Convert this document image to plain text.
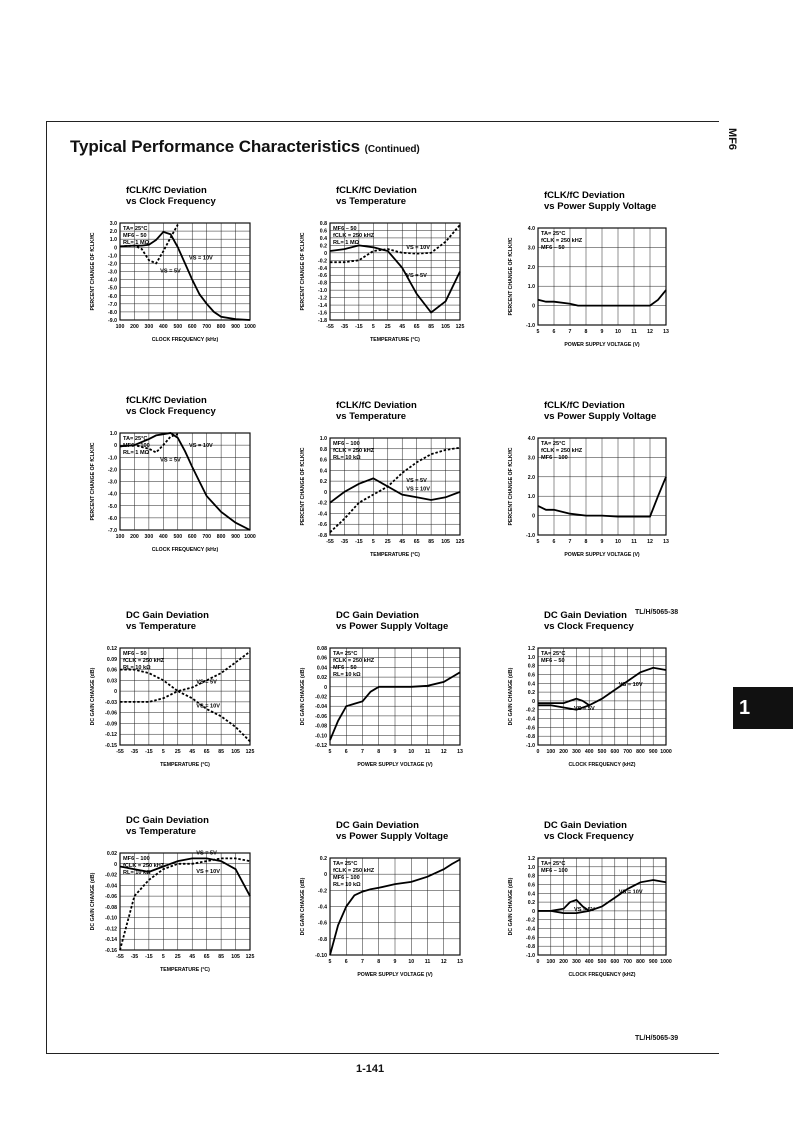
Typical Performance Characteristics (Continued)	MF6
1
TL/H/5065-38
TL/H/5065-39
1-141
fCLK/fC Deviation
vs Clock Frequency
100 200 300 400 500 600 700 800 900 1000
3.0
2.0
1.0
0
-1.0
-2.0
-3.0
-4.0
-5.0
-6.0
-7.0
-8.0
-9.0
CLOCK FREQUENCY (kHz)
PERCENT CHANGE OF fCLK/fC
TA= 25°C
MF6 – 50
RL= 1 MΩ
VS = 10V
VS = 5V
fCLK/fC Deviation
vs Temperature
-55 -35 -15 5 25 45 65 85 105 125
0.8
0.6
0.4
0.2
0
-0.2
-0.4
-0.6
-0.8
-1.0
-1.2
-1.4
-1.6
-1.8
TEMPERATURE (°C)
PERCENT CHANGE OF fCLK/fC
MF6 – 50
fCLK = 250 kHZ
RL= 1 MΩ
VS = 10V
VS = 5V
fCLK/fC Deviation
vs Power Supply Voltage
5	6	7	8	9 10 11 12 13
4.0
3.0
2.0
1.0
0
-1.0
POWER SUPPLY VOLTAGE (V)
PERCENT CHANGE OF fCLK/fC
TA= 25°C
fCLK = 250 kHZ
MF6 – 50
fCLK/fC Deviation
vs Clock Frequency
100 200 300 400 500 600 700 800 900 1000
1.0
0
-1.0
-2.0
-3.0
-4.0
-5.0
-6.0
-7.0
CLOCK FREQUENCY (kHz)
PERCENT CHANGE OF fCLK/fC
TA= 25°C
MF6 – 100
RL= 1 MΩ
VS = 10V
VS = 5V
fCLK/fC Deviation
vs Temperature
-55 -35 -15 5 25 45 65 85 105 125
1.0
0.8
0.6
0.4
0.2
0
-0.2
-0.4
-0.6
-0.8
TEMPERATURE (°C)
PERCENT CHANGE OF fCLK/fC
MF6 – 100
fCLK = 250 kHZ
RL= 10 kΩ
VS = 10V
VS = 5V
fCLK/fC Deviation
vs Power Supply Voltage
5	6	7	8	9 10 11 12 13
4.0
3.0
2.0
1.0
0
-1.0
POWER SUPPLY VOLTAGE (V)
PERCENT CHANGE OF fCLK/fC
TA= 25°C
fCLK = 250 kHZ
MF6 – 100
DC Gain Deviation
vs Temperature
-55 -35 -15 5 25 45 65 85 105 125
0.12
0.09
0.06
0.03
0
-0.03
-0.06
-0.09
-0.12
-0.15
TEMPERATURE (°C)
DC GAIN CHANGE (dB)
MF6 – 50
fCLK = 250 kHZ
RL= 10 kΩ
VS = 5V
VS = 10V
DC Gain Deviation
vs Power Supply Voltage
5	6	7	8	9 10 11 12 13
0.08
0.06
0.04
0.02
0
-0.02
-0.04
-0.06
-0.08
-0.10
-0.12
POWER SUPPLY VOLTAGE (V)
DC GAIN CHANGE (dB)
TA= 25°C
fCLK = 250 kHZ
MF6 – 50
RL= 10 kΩ
DC Gain Deviation
vs Clock Frequency
0 100 200 300 400 500 600 700 800 900 1000
1.2
1.0
0.8
0.6
0.4
0.2
0
-0.2
-0.4
-0.6
-0.8
-1.0
CLOCK FREQUENCY (kHZ)
DC GAIN CHANGE (dB)
TA= 25°C
MF6 – 50
VS = 10V
VS = 5V
DC Gain Deviation
vs Temperature
-55 -35 -15 5 25 45 65 85 105 125
0.02
0
-0.02
-0.04
-0.06
-0.08
-0.10
-0.12
-0.14
-0.16
TEMPERATURE (°C)
DC GAIN CHANGE (dB)
MF6 – 100
fCLK = 250 kHZ
RL= 10 kΩ
VS = 5V
VS = 10V
DC Gain Deviation
vs Power Supply Voltage
5	6	7	8	9 10 11 12 13
0.2
0
-0.2
-0.4
-0.6
-0.8
-0.10
POWER SUPPLY VOLTAGE (V)
DC GAIN CHANGE (dB)
TA= 25°C
fCLK = 250 kHZ
MF6 – 100
RL= 10 kΩ
DC Gain Deviation
vs Clock Frequency
0 100 200 300 400 500 600 700 800 900 1000
1.2
1.0
0.8
0.6
0.4
0.2
0
-0.2
-0.4
-0.6
-0.8
-1.0
CLOCK FREQUENCY (kHZ)
DC GAIN CHANGE (dB)
TA= 25°C
MF6 – 100
VS = 10V
VS = 5V
